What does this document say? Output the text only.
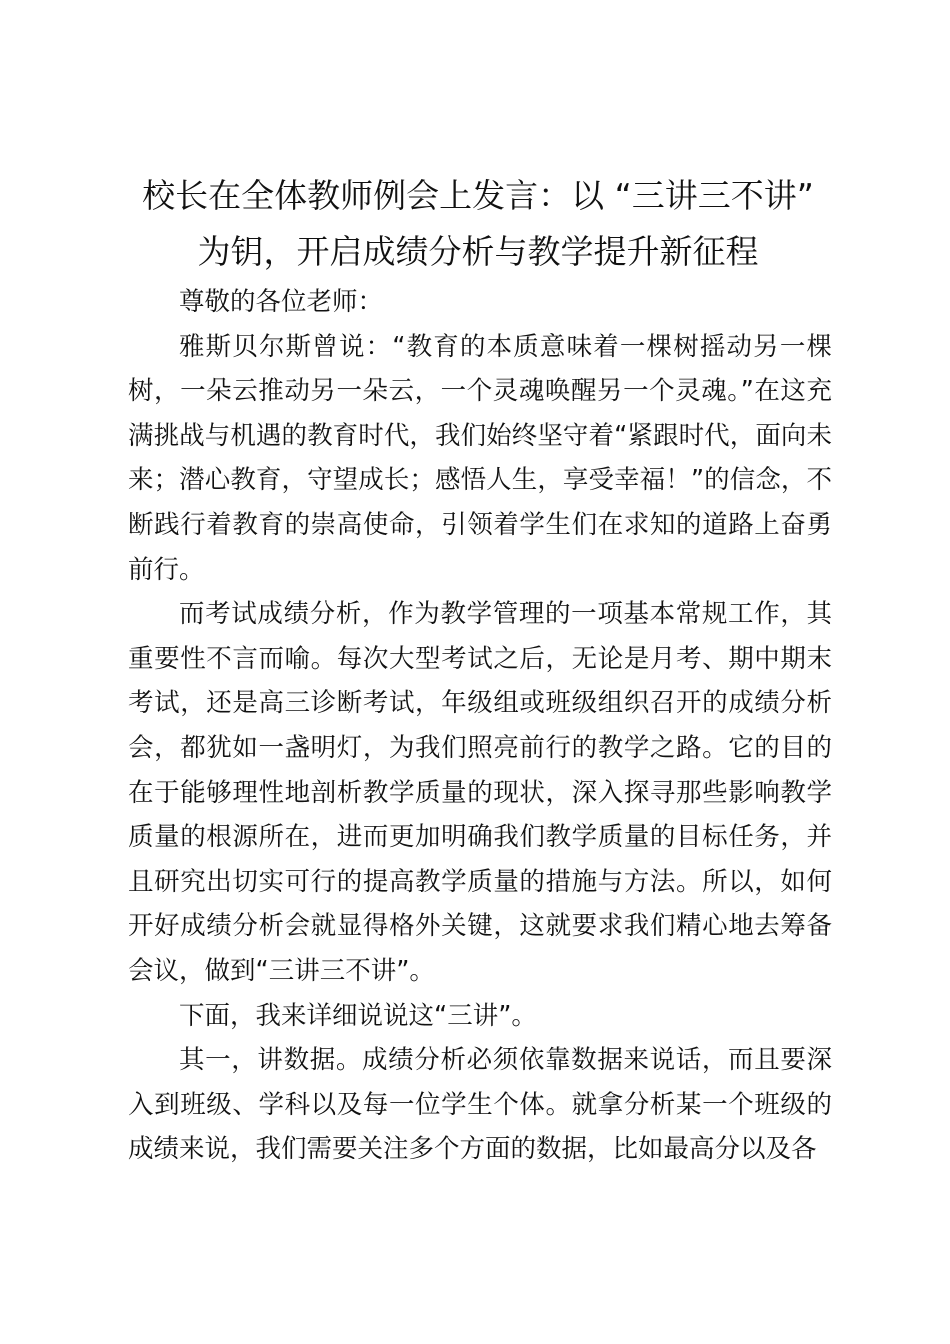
校长在全体教师例会上发言：以 “三讲三不讲” 为钥，开启成绩分析与教学提升新征程

尊敬的各位老师：

雅斯贝尔斯曾说：“教育的本质意味着一棵树摇动另一棵树，一朵云推动另一朵云，一个灵魂唤醒另一个灵魂。”在这充满挑战与机遇的教育时代，我们始终坚守着“紧跟时代，面向未来；潜心教育，守望成长；感悟人生，享受幸福！”的信念，不断践行着教育的崇高使命，引领着学生们在求知的道路上奋勇前行。

而考试成绩分析，作为教学管理的一项基本常规工作，其重要性不言而喻。每次大型考试之后，无论是月考、期中期末考试，还是高三诊断考试，年级组或班级组织召开的成绩分析会，都犹如一盏明灯，为我们照亮前行的教学之路。它的目的在于能够理性地剖析教学质量的现状，深入探寻那些影响教学质量的根源所在，进而更加明确我们教学质量的目标任务，并且研究出切实可行的提高教学质量的措施与方法。所以，如何开好成绩分析会就显得格外关键，这就要求我们精心地去筹备会议，做到“三讲三不讲”。

下面，我来详细说说这“三讲”。

其一，讲数据。成绩分析必须依靠数据来说话，而且要深入到班级、学科以及每一位学生个体。就拿分析某一个班级的成绩来说，我们需要关注多个方面的数据，比如最高分以及各
